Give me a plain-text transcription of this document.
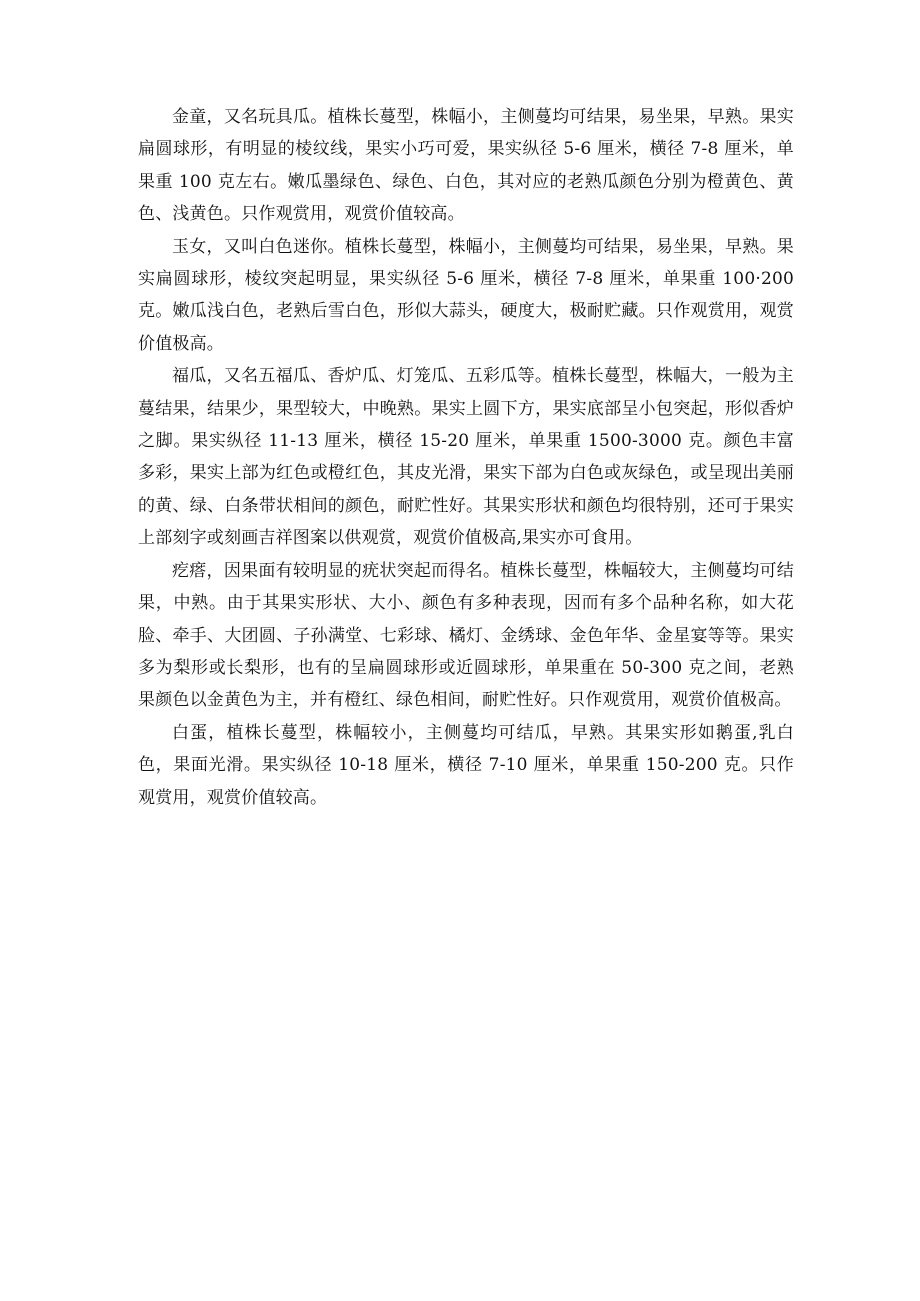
金童，又名玩具瓜。植株长蔓型，株幅小，主侧蔓均可结果，易坐果，早熟。果实扁圆球形，有明显的棱纹线，果实小巧可爱，果实纵径 5-6 厘米，横径 7-8 厘米，单果重 100 克左右。嫩瓜墨绿色、绿色、白色，其对应的老熟瓜颜色分别为橙黄色、黄色、浅黄色。只作观赏用，观赏价值较高。

玉女，又叫白色迷你。植株长蔓型，株幅小，主侧蔓均可结果，易坐果，早熟。果实扁圆球形，棱纹突起明显，果实纵径 5-6 厘米，横径 7-8 厘米，单果重 100·200 克。嫩瓜浅白色，老熟后雪白色，形似大蒜头，硬度大，极耐贮藏。只作观赏用，观赏价值极高。

福瓜，又名五福瓜、香炉瓜、灯笼瓜、五彩瓜等。植株长蔓型，株幅大，一般为主蔓结果，结果少，果型较大，中晚熟。果实上圆下方，果实底部呈小包突起，形似香炉之脚。果实纵径 11-13 厘米，横径 15-20 厘米，单果重 1500-3000 克。颜色丰富多彩，果实上部为红色或橙红色，其皮光滑，果实下部为白色或灰绿色，或呈现出美丽的黄、绿、白条带状相间的颜色，耐贮性好。其果实形状和颜色均很特别，还可于果实上部刻字或刻画吉祥图案以供观赏，观赏价值极高,果实亦可食用。

疙瘩，因果面有较明显的疣状突起而得名。植株长蔓型，株幅较大，主侧蔓均可结果，中熟。由于其果实形状、大小、颜色有多种表现，因而有多个品种名称，如大花脸、牵手、大团圆、子孙满堂、七彩球、橘灯、金绣球、金色年华、金星宴等等。果实多为梨形或长梨形，也有的呈扁圆球形或近圆球形，单果重在 50-300 克之间，老熟果颜色以金黄色为主，并有橙红、绿色相间，耐贮性好。只作观赏用，观赏价值极高。

白蛋，植株长蔓型，株幅较小，主侧蔓均可结瓜，早熟。其果实形如鹅蛋,乳白色，果面光滑。果实纵径 10-18 厘米，横径 7-10 厘米，单果重 150-200 克。只作观赏用，观赏价值较高。
